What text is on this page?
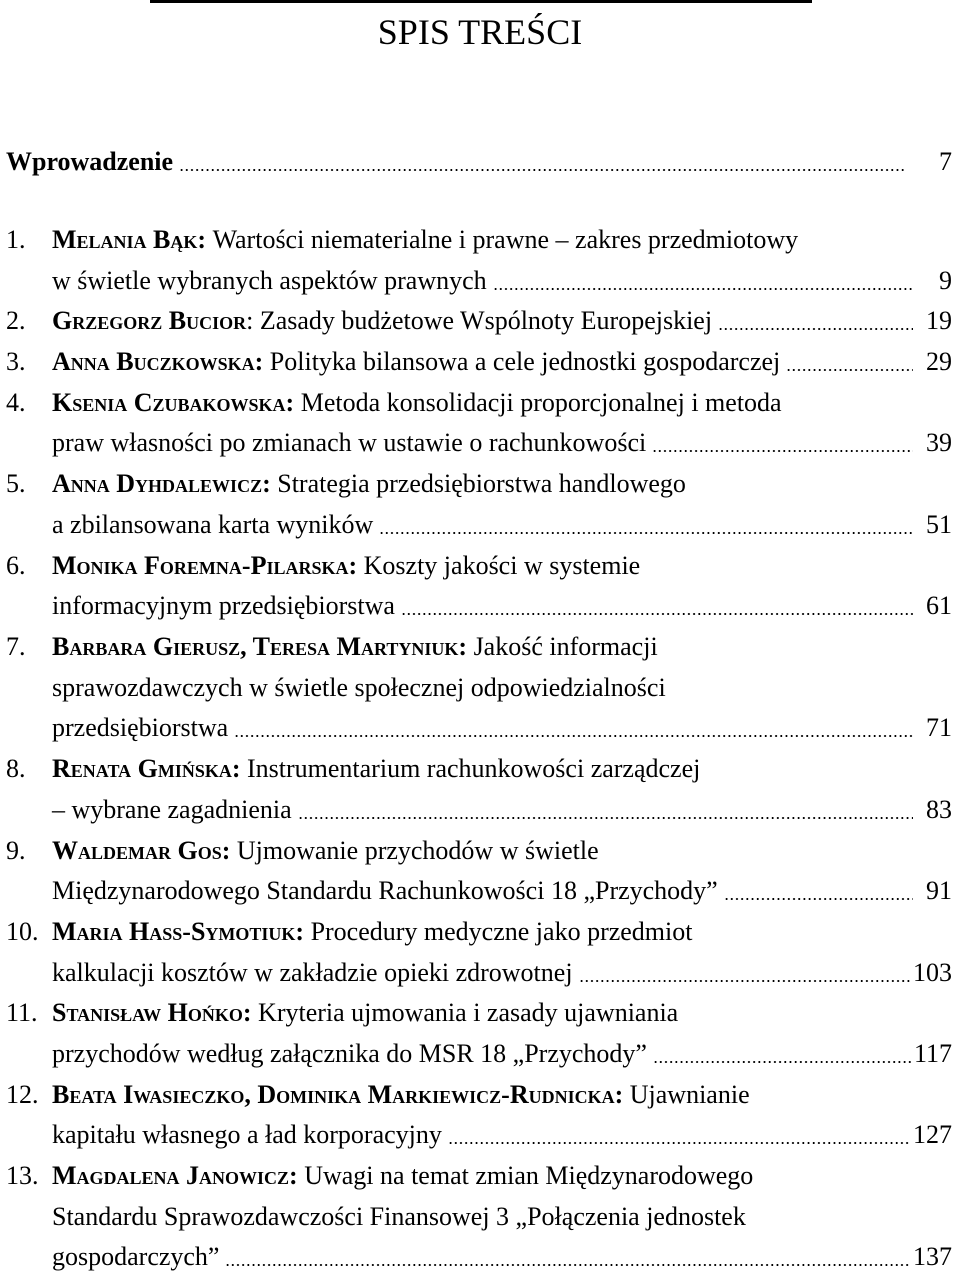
SPIS TREŚCI
Wprowadzenie	7
1.	Melania Bąk:
Wartości niematerialne i prawne – zakres przedmiotowy
w świetle wybranych aspektów prawnych	9
2.	Grzegorz Bucior : Zasady budżetowe Wspólnoty Europejskiej	19
3.	Anna Buczkowska:
Polityka bilansowa a cele jednostki gospodarczej	29
4.	Ksenia Czubakowska:
Metoda konsolidacji proporcjonalnej i metoda
praw własności po zmianach w ustawie o rachunkowości	39
5.	Anna Dyhdalewicz:
Strategia przedsiębiorstwa handlowego
a zbilansowana karta wyników	51
6.	Monika Foremna-Pilarska:
Koszty jakości w systemie
informacyjnym przedsiębiorstwa	61
7.	Barbara Gierusz, Teresa Martyniuk:
Jakość informacji
sprawozdawczych w świetle społecznej odpowiedzialności
przedsiębiorstwa	71
8.	Renata Gmińska:
Instrumentarium rachunkowości zarządczej
– wybrane zagadnienia	83
9.	Waldemar Gos:
Ujmowanie przychodów w świetle
Międzynarodowego Standardu Rachunkowości 18 „Przychody”	91
10. Maria Hass-Symotiuk:
Procedury medyczne jako przedmiot
kalkulacji kosztów w zakładzie opieki zdrowotnej	103
11. Stanisław Hońko:
Kryteria ujmowania i zasady ujawniania
przychodów według załącznika do MSR 18 „Przychody”	117
12. Beata Iwasieczko, Dominika Markiewicz-Rudnicka:
Ujawnianie
kapitału własnego a ład korporacyjny	127
13. Magdalena Janowicz:
Uwagi na temat zmian Międzynarodowego
Standardu Sprawozdawczości Finansowej 3 „Połączenia jednostek
gospodarczych”	137
